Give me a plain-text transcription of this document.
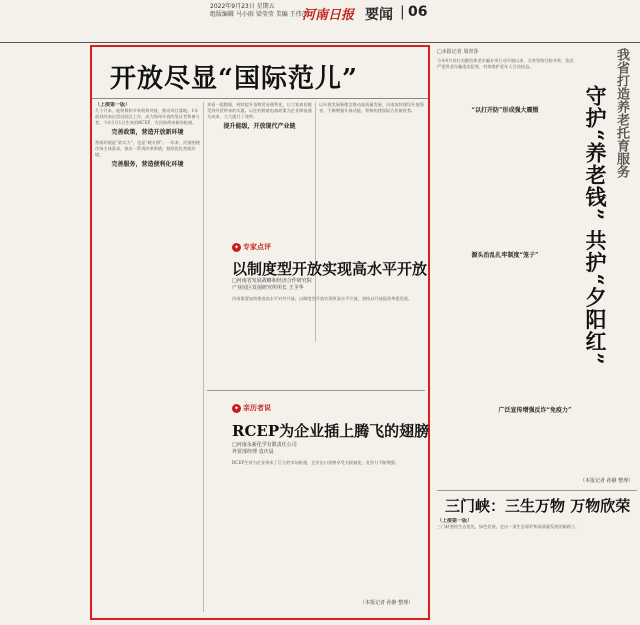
2022年9月23日 星期五
组版编辑 马小雨 梁莹莹 美编 王伟茂
河南日报 要闻 | 06
开放尽显“国际范儿”
（上接第一版）
几个月来，他积极和多家机构对接，推动项目落地。1年前到河南自贸试验区工作，成为郑州开放的见证者和参与者。今年1月1日生效的RCEP，为河南带来新的机遇。
完善政策，营造开放新环境
营商环境是“软实力”，也是“硬支撑”。一年来，河南围绕市场主体需求，推出一系列改革举措，持续优化营商环境。
完善服务，营造便利化环境
来看一组数据，持续提升货物贸易便利化，让大家真切感受到外贸带来的实惠。以往的跨境电商政策为企业降低通关成本，大大提升了效率。
提升能级，开放现代产业链
以开放发展新理念推动高质量发展，河南加快建设开放强省，不断增强开放动能，积极构建国际合作新优势。
✦ 专家点评
以制度型开放实现高水平开放
□河南省发展战略和经济合作研究院
产业园区发展研究所所长 王圣华
河南需要加快推进高水平对外开放，以制度型开放实现更高水平开放，坚持以开放促改革促发展。
✦ 亲历者说
RCEP为企业插上腾飞的翅膀
□河南永新化学有限责任公司
外贸部经理 袁庆晨
RCEP生效为企业带来了巨大的市场机遇，企业出口货物享受关税减免，竞争力不断增强。
（本报记者 孙静 整理）
□本报记者 周青莎	我省打造养老托育服务
守护“养老钱” 共护“夕阳红”
今年4月份打击整治养老诈骗专项行动开展以来，全省坚持打防并举，依法严惩养老诈骗违法犯罪，有效维护老年人合法权益。
“以打开防”形成强大震慑
源头治乱扎牢制度“笼子”
广泛宣传增强反诈“免疫力”
（本报记者 孙静 整理）
三门峡：三生万物 万物欣荣
（上接第一版）
三门峡坚持生态优先、绿色发展，走出一条生态保护和高质量发展的新路子。
